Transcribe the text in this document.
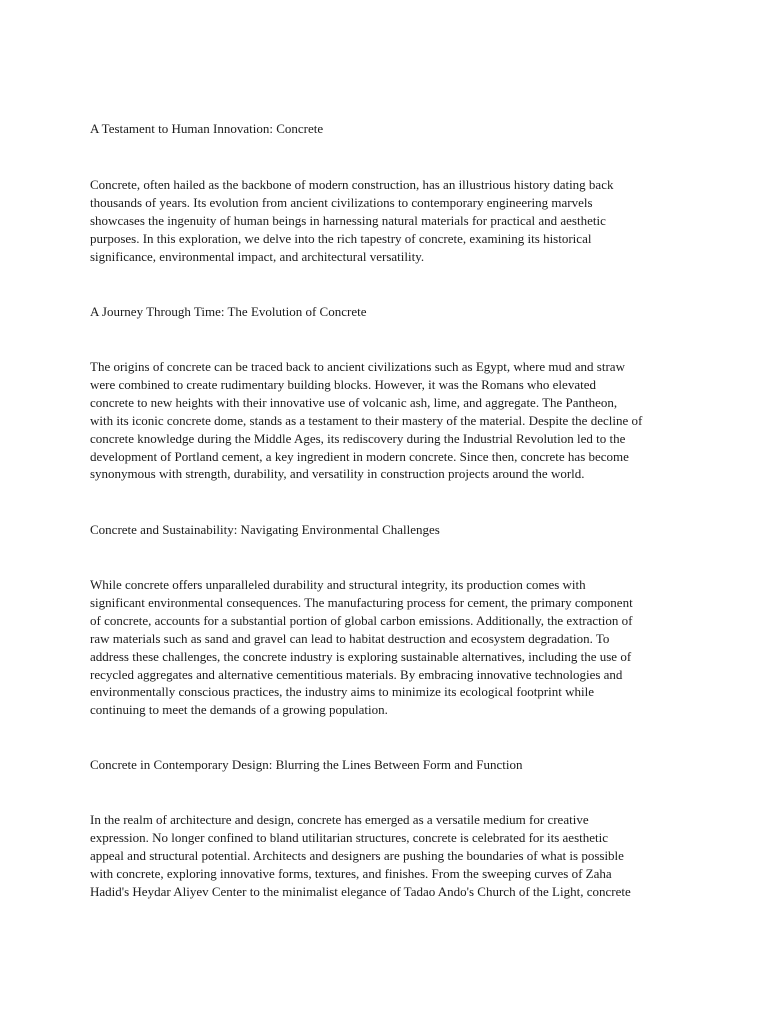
A Testament to Human Innovation: Concrete

Concrete, often hailed as the backbone of modern construction, has an illustrious history dating back
thousands of years. Its evolution from ancient civilizations to contemporary engineering marvels
showcases the ingenuity of human beings in harnessing natural materials for practical and aesthetic
purposes. In this exploration, we delve into the rich tapestry of concrete, examining its historical
significance, environmental impact, and architectural versatility.

A Journey Through Time: The Evolution of Concrete

The origins of concrete can be traced back to ancient civilizations such as Egypt, where mud and straw
were combined to create rudimentary building blocks. However, it was the Romans who elevated
concrete to new heights with their innovative use of volcanic ash, lime, and aggregate. The Pantheon,
with its iconic concrete dome, stands as a testament to their mastery of the material. Despite the decline of
concrete knowledge during the Middle Ages, its rediscovery during the Industrial Revolution led to the
development of Portland cement, a key ingredient in modern concrete. Since then, concrete has become
synonymous with strength, durability, and versatility in construction projects around the world.

Concrete and Sustainability: Navigating Environmental Challenges

While concrete offers unparalleled durability and structural integrity, its production comes with
significant environmental consequences. The manufacturing process for cement, the primary component
of concrete, accounts for a substantial portion of global carbon emissions. Additionally, the extraction of
raw materials such as sand and gravel can lead to habitat destruction and ecosystem degradation. To
address these challenges, the concrete industry is exploring sustainable alternatives, including the use of
recycled aggregates and alternative cementitious materials. By embracing innovative technologies and
environmentally conscious practices, the industry aims to minimize its ecological footprint while
continuing to meet the demands of a growing population.

Concrete in Contemporary Design: Blurring the Lines Between Form and Function

In the realm of architecture and design, concrete has emerged as a versatile medium for creative
expression. No longer confined to bland utilitarian structures, concrete is celebrated for its aesthetic
appeal and structural potential. Architects and designers are pushing the boundaries of what is possible
with concrete, exploring innovative forms, textures, and finishes. From the sweeping curves of Zaha
Hadid's Heydar Aliyev Center to the minimalist elegance of Tadao Ando's Church of the Light, concrete
